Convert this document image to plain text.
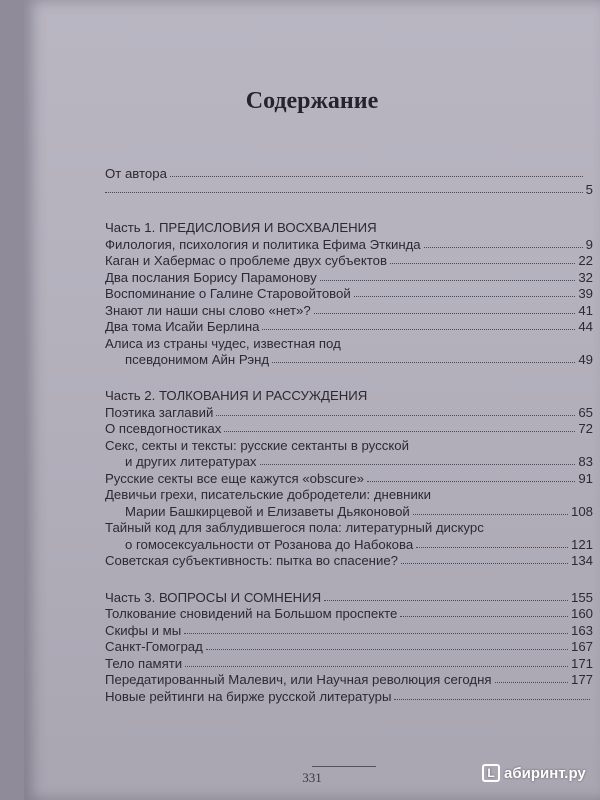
Содержание
От автора
5
Часть 1. ПРЕДИСЛОВИЯ И ВОСХВАЛЕНИЯ
Филология, психология и политика Ефима Эткинда	9
Каган и Хабермас о проблеме двух субъектов	22
Два послания Борису Парамонову	32
Воспоминание о Галине Старовойтовой	39
Знают ли наши сны слово «нет»?	41
Два тома Исайи Берлина	44
Алиса из страны чудес, известная под
псевдонимом Айн Рэнд	49
Часть 2. ТОЛКОВАНИЯ И РАССУЖДЕНИЯ
Поэтика заглавий	65
О псевдогностиках	72
Секс, секты и тексты: русские сектанты в русской
и других литературах	83
Русские секты все еще кажутся «obscure»	91
Девичьи грехи, писательские добродетели: дневники
Марии Башкирцевой и Елизаветы Дьяконовой	108
Тайный код для заблудившегося пола: литературный дискурс
о гомосексуальности от Розанова до Набокова	121
Советская субъективность: пытка во спасение?	134
Часть 3. ВОПРОСЫ И СОМНЕНИЯ	155
Толкование сновидений на Большом проспекте	160
Скифы и мы	163
Санкт-Гомоград	167
Тело памяти	171
Передатированный Малевич, или Научная революция сегодня	177
Новые рейтинги на бирже русской литературы
331	L абиринт.ру
